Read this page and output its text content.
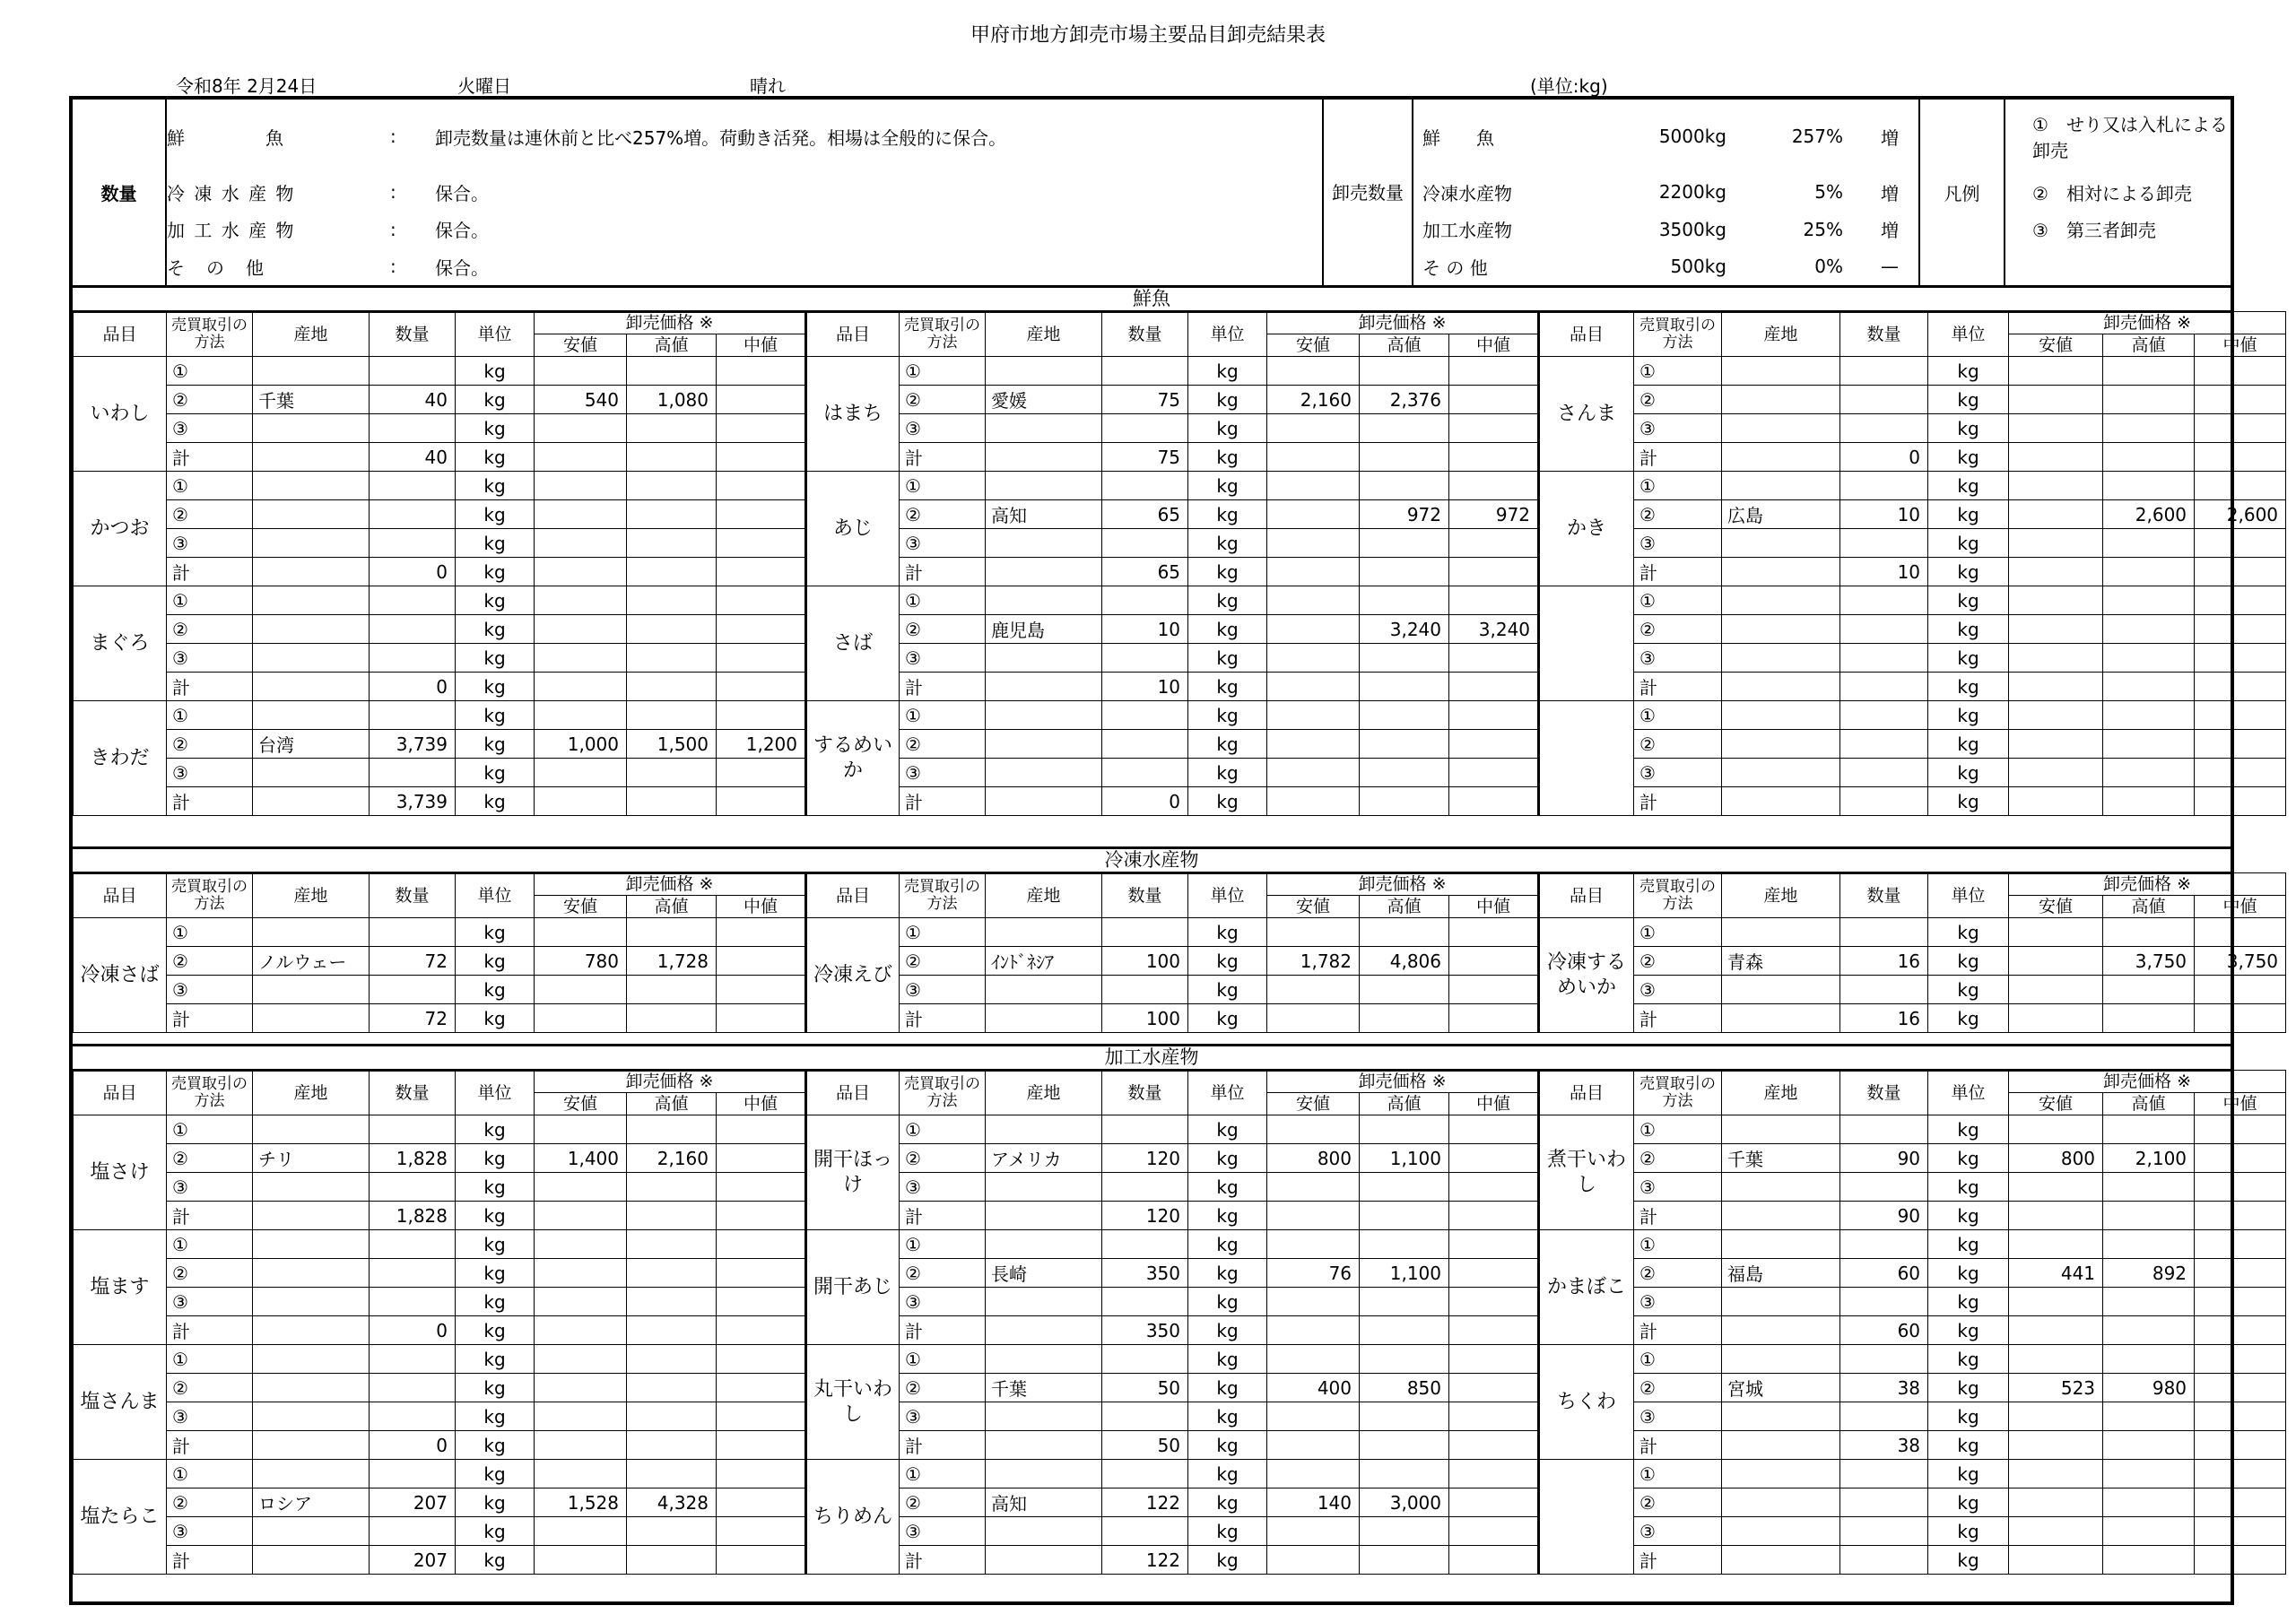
甲府市地方卸売市場主要品目卸売結果表
令和8年 2月24日	火曜日	晴れ	(単位:kg)
数量	鮮　　　　魚	:	卸売数量は連休前と比べ257%増。荷動き活発。相場は全般的に保合。	卸売数量	鮮　　魚	5000kg	257%	増	凡例	①　 せり又は入札による卸売
	冷 凍 水 産 物	:	保合。		冷凍水産物	2200kg	5%	増		②　 相対による卸売
	加 工 水 産 物	:	保合。		加工水産物	3500kg	25%	増		③　 第三者卸売
	そ　の　他	:	保合。		そ の 他	500kg	0%	—		
鮮魚
品目	売買取引の方法	産地	数量	単位	卸売価格 ※			品目	売買取引の方法	産地	数量	単位	卸売価格 ※			品目	売買取引の方法	産地	数量	単位	卸売価格 ※		
					安値	高値	中値						安値	高値	中値						安値	高値	中値
いわし	①			kg				はまち	①			kg				さんま	①			kg			
	②	千葉	40	kg	540	1,080			②	愛媛	75	kg	2,160	2,376			②			kg			
	③			kg					③			kg					③			kg			
	計		40	kg					計		75	kg					計		0	kg			
かつお	①			kg				あじ	①			kg				かき	①			kg			
	②			kg					②	高知	65	kg		972	972		②	広島	10	kg		2,600	2,600
	③			kg					③			kg					③			kg			
	計		0	kg					計		65	kg					計		10	kg			
まぐろ	①			kg				さば	①			kg					①			kg			
	②			kg					②	鹿児島	10	kg		3,240	3,240		②			kg			
	③			kg					③			kg					③			kg			
	計		0	kg					計		10	kg					計			kg			
きわだ	①			kg				するめいか	①			kg					①			kg			
	②	台湾	3,739	kg	1,000	1,500	1,200		②			kg					②			kg			
	③			kg					③			kg					③			kg			
	計		3,739	kg					計		0	kg					計			kg			
冷凍水産物
品目	売買取引の方法	産地	数量	単位	卸売価格 ※			品目	売買取引の方法	産地	数量	単位	卸売価格 ※			品目	売買取引の方法	産地	数量	単位	卸売価格 ※		
					安値	高値	中値						安値	高値	中値						安値	高値	中値
冷凍さば	①			kg				冷凍えび	①			kg				冷凍するめいか	①			kg			
	②	ノルウェー	72	kg	780	1,728			②	ｲﾝﾄﾞﾈｼｱ	100	kg	1,782	4,806			②	青森	16	kg		3,750	3,750
	③			kg					③			kg					③			kg			
	計		72	kg					計		100	kg					計		16	kg			
加工水産物
品目	売買取引の方法	産地	数量	単位	卸売価格 ※			品目	売買取引の方法	産地	数量	単位	卸売価格 ※			品目	売買取引の方法	産地	数量	単位	卸売価格 ※		
					安値	高値	中値						安値	高値	中値						安値	高値	中値
塩さけ	①			kg				開干ほっけ	①			kg				煮干いわし	①			kg			
	②	チリ	1,828	kg	1,400	2,160			②	アメリカ	120	kg	800	1,100			②	千葉	90	kg	800	2,100	
	③			kg					③			kg					③			kg			
	計		1,828	kg					計		120	kg					計		90	kg			
塩ます	①			kg				開干あじ	①			kg				かまぼこ	①			kg			
	②			kg					②	長崎	350	kg	76	1,100			②	福島	60	kg	441	892	
	③			kg					③			kg					③			kg			
	計		0	kg					計		350	kg					計		60	kg			
塩さんま	①			kg				丸干いわし	①			kg				ちくわ	①			kg			
	②			kg					②	千葉	50	kg	400	850			②	宮城	38	kg	523	980	
	③			kg					③			kg					③			kg			
	計		0	kg					計		50	kg					計		38	kg			
塩たらこ	①			kg				ちりめん	①			kg					①			kg			
	②	ロシア	207	kg	1,528	4,328			②	高知	122	kg	140	3,000			②			kg			
	③			kg					③			kg					③			kg			
	計		207	kg					計		122	kg					計			kg			
